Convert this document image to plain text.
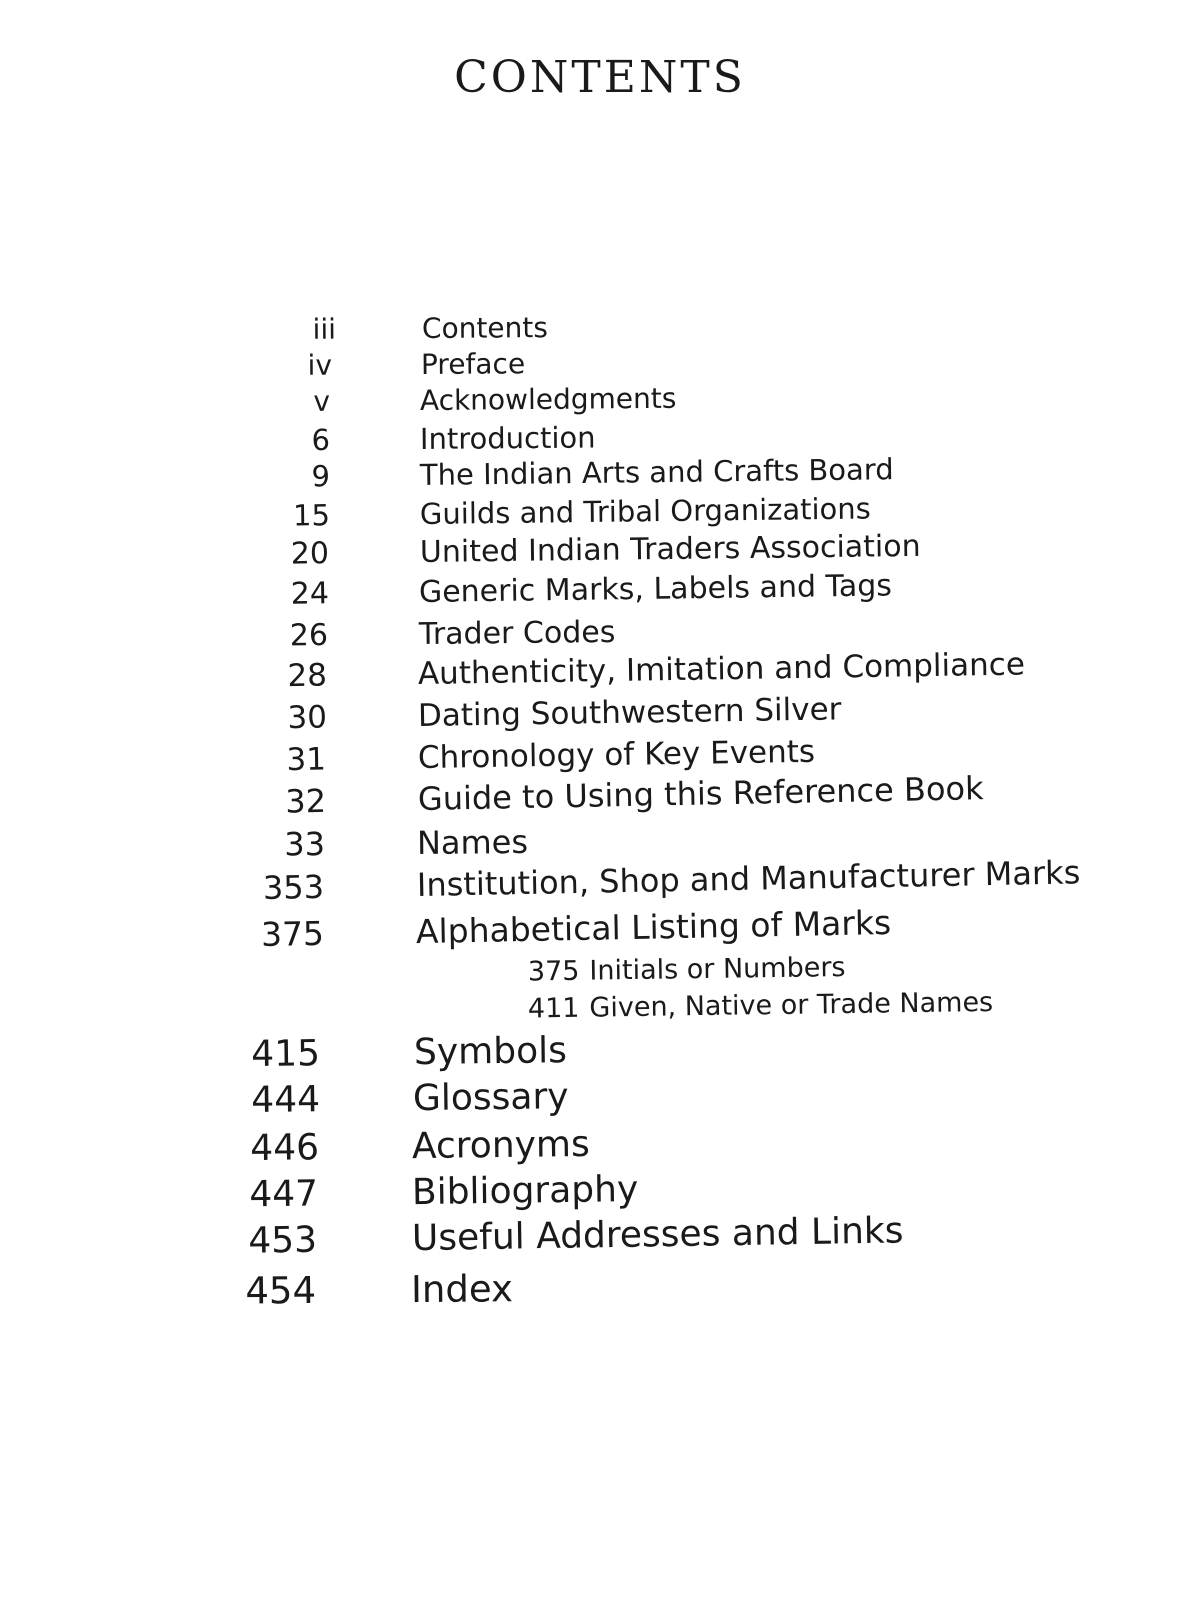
CONTENTS
iii	Contents
iv	Preface
v	Acknowledgments
6	Introduction
9	The Indian Arts and Crafts Board
15	Guilds and Tribal Organizations
20	United Indian Traders Association
24	Generic Marks, Labels and Tags
26	Trader Codes
28	Authenticity, Imitation and Compliance
30	Dating Southwestern Silver
31	Chronology of Key Events
32	Guide to Using this Reference Book
33	Names
353	Institution, Shop and Manufacturer Marks
375	Alphabetical Listing of Marks
375 Initials or Numbers
411 Given, Native or Trade Names
415	Symbols
444	Glossary
446	Acronyms
447	Bibliography
453	Useful Addresses and Links
454	Index
